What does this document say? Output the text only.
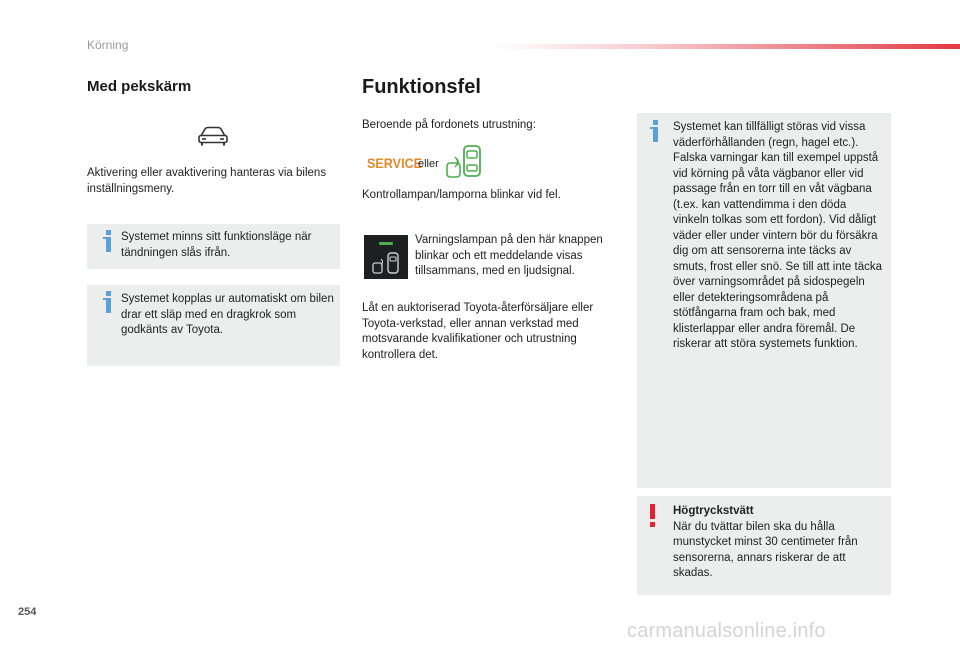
Körning
Med pekskärm
Aktivering eller avaktivering hanteras via bilens inställningsmeny.
Systemet minns sitt funktionsläge när tändningen slås ifrån.
Systemet kopplas ur automatiskt om bilen drar ett släp med en dragkrok som godkänts av Toyota.
Funktionsfel
Beroende på fordonets utrustning:
SERVICE
eller
Kontrollampan/lamporna blinkar vid fel.
Varningslampan på den här knappen blinkar och ett meddelande visas tillsammans, med en ljudsignal.
Låt en auktoriserad Toyota-återförsäljare eller Toyota-verkstad, eller annan verkstad med motsvarande kvalifikationer och utrustning kontrollera det.
Systemet kan tillfälligt störas vid vissa väderförhållanden (regn, hagel etc.). Falska varningar kan till exempel uppstå vid körning på våta vägbanor eller vid passage från en torr till en våt vägbana (t.ex. kan vattendimma i den döda vinkeln tolkas som ett fordon). Vid dåligt väder eller under vintern bör du försäkra dig om att sensorerna inte täcks av smuts, frost eller snö. Se till att inte täcka över varningsområdet på sidospegeln eller detekteringsområdena på stötfångarna fram och bak, med klisterlappar eller andra föremål. De riskerar att störa systemets funktion.
Högtryckstvätt
När du tvättar bilen ska du hålla munstycket minst 30 centimeter från sensorerna, annars riskerar de att skadas.
254
carmanualsonline.info
